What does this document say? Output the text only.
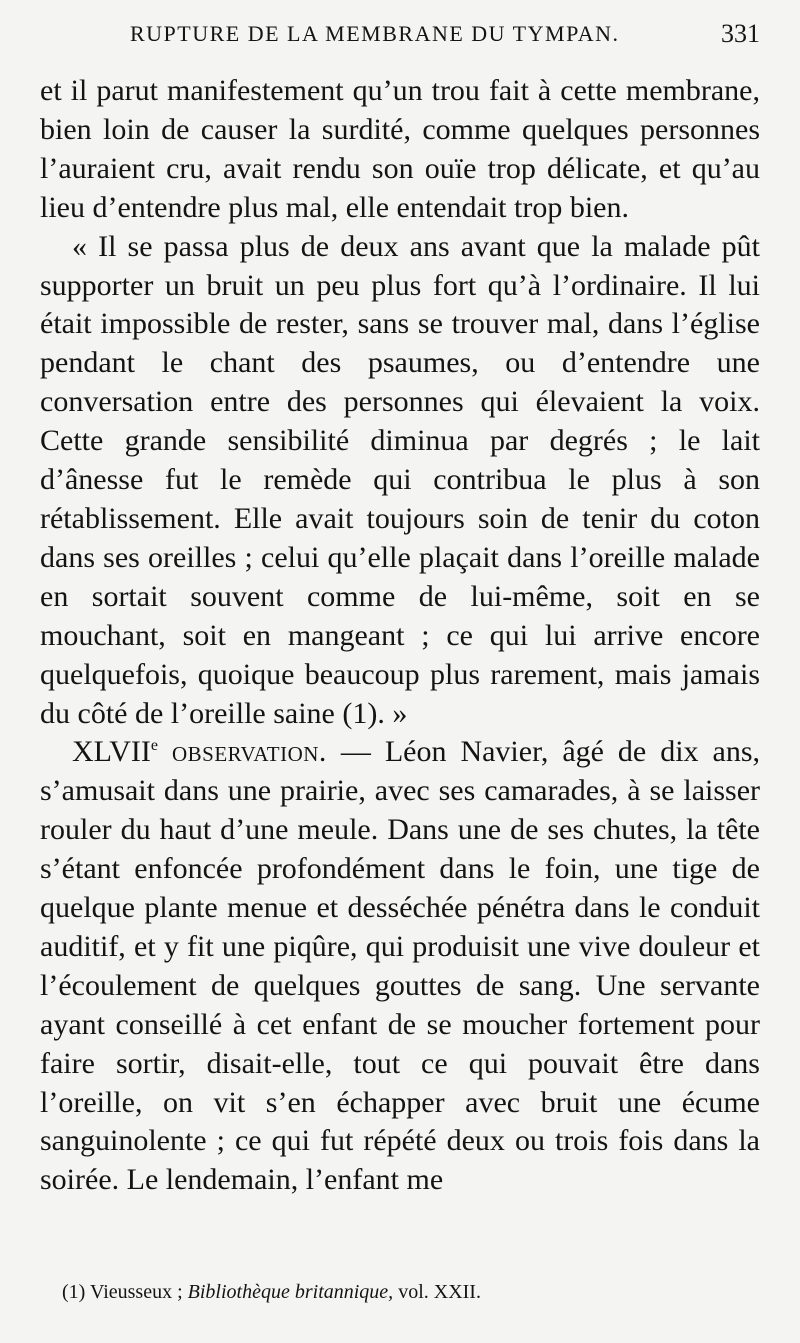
RUPTURE DE LA MEMBRANE DU TYMPAN.	331

et il parut manifestement qu’un trou fait à cette membrane, bien loin de causer la surdité, comme quelques personnes l’auraient cru, avait rendu son ouïe trop délicate, et qu’au lieu d’entendre plus mal, elle entendait trop bien.

« Il se passa plus de deux ans avant que la malade pût supporter un bruit un peu plus fort qu’à l’ordinaire. Il lui était impossible de rester, sans se trouver mal, dans l’église pendant le chant des psaumes, ou d’entendre une conversation entre des personnes qui élevaient la voix. Cette grande sensibilité diminua par degrés ; le lait d’ânesse fut le remède qui contribua le plus à son rétablissement. Elle avait toujours soin de tenir du coton dans ses oreilles ; celui qu’elle plaçait dans l’oreille malade en sortait souvent comme de lui-même, soit en se mouchant, soit en mangeant ; ce qui lui arrive encore quelquefois, quoique beaucoup plus rarement, mais jamais du côté de l’oreille saine (1). »

XLVIIe observation. — Léon Navier, âgé de dix ans, s’amusait dans une prairie, avec ses camarades, à se laisser rouler du haut d’une meule. Dans une de ses chutes, la tête s’étant enfoncée profondément dans le foin, une tige de quelque plante menue et desséchée pénétra dans le conduit auditif, et y fit une piqûre, qui produisit une vive douleur et l’écoulement de quelques gouttes de sang. Une servante ayant conseillé à cet enfant de se moucher fortement pour faire sortir, disait-elle, tout ce qui pouvait être dans l’oreille, on vit s’en échapper avec bruit une écume sanguinolente ; ce qui fut répété deux ou trois fois dans la soirée. Le lendemain, l’enfant me

(1) Vieusseux ; Bibliothèque britannique, vol. XXII.
